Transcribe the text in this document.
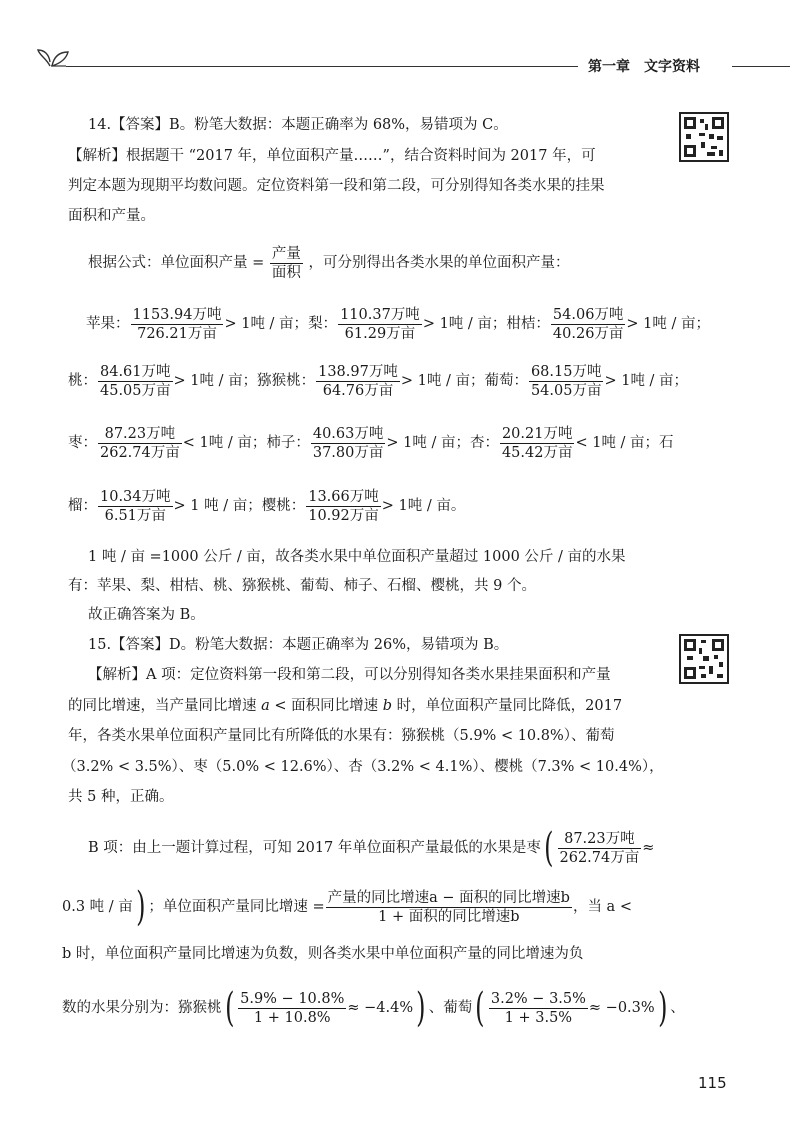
第一章　文字资料
14.【答案】B。粉笔大数据：本题正确率为 68%，易错项为 C。
【解析】根据题干 “2017 年，单位面积产量……”，结合资料时间为 2017 年，可
判定本题为现期平均数问题。定位资料第一段和第二段，可分别得知各类水果的挂果
面积和产量。
根据公式：单位面积产量 = $\frac{\text{产量}}{\text{面积}}$ ，可分别得出各类水果的单位面积产量：
苹果： $\frac{\text{1153.94万吨}}{\text{726.21万亩}} > 1$吨 / 亩；梨： $\frac{\text{110.37万吨}}{\text{61.29万亩}} > 1$吨 / 亩；柑桔： $\frac{\text{54.06万吨}}{\text{40.26万亩}} > 1$吨 / 亩；
桃： $\frac{\text{84.61万吨}}{\text{45.05万亩}} > 1$吨 / 亩；猕猴桃： $\frac{\text{138.97万吨}}{\text{64.76万亩}} > 1$吨 / 亩；葡萄： $\frac{\text{68.15万吨}}{\text{54.05万亩}} > 1$吨 / 亩；
枣： $\frac{\text{87.23万吨}}{\text{262.74万亩}} < 1$吨 / 亩；柿子： $\frac{\text{40.63万吨}}{\text{37.80万亩}} > 1$吨 / 亩；杏： $\frac{\text{20.21万吨}}{\text{45.42万亩}} < 1$吨 / 亩；石
榴： $\frac{\text{10.34万吨}}{\text{6.51万亩}} > 1$ 吨 / 亩；樱桃： $\frac{\text{13.66万吨}}{\text{10.92万亩}} > 1$吨 / 亩。
1 吨 / 亩 =1000 公斤 / 亩，故各类水果中单位面积产量超过 1000 公斤 / 亩的水果
有：苹果、梨、柑桔、桃、猕猴桃、葡萄、柿子、石榴、樱桃，共 9 个。
故正确答案为 B。
15.【答案】D。粉笔大数据：本题正确率为 26%，易错项为 B。
【解析】A 项：定位资料第一段和第二段，可以分别得知各类水果挂果面积和产量
的同比增速，当产量同比增速 a < 面积同比增速 b 时，单位面积产量同比降低，2017
年，各类水果单位面积产量同比有所降低的水果有：猕猴桃（5.9% < 10.8%）、葡萄
（3.2% < 3.5%）、枣（5.0% < 12.6%）、杏（3.2% < 4.1%）、樱桃（7.3% < 10.4%），
共 5 种，正确。
B 项：由上一题计算过程，可知 2017 年单位面积产量最低的水果是枣( $\frac{\text{87.23万吨}}{\text{262.74万亩}}$ ≈
0.3 吨 / 亩) ；单位面积产量同比增速 = $\frac{\text{产量的同比增速a − 面积的同比增速b}}{\text{1 + 面积的同比增速b}}$ ，当 a <
b 时，单位面积产量同比增速为负数，则各类水果中单位面积产量的同比增速为负
数的水果分别为：猕猴桃( $\frac{5.9\% - 10.8\%}{1 + 10.8\%} \approx -4.4\%$) 、葡萄( $\frac{3.2\% - 3.5\%}{1 + 3.5\%} \approx -0.3\%$) 、
115
